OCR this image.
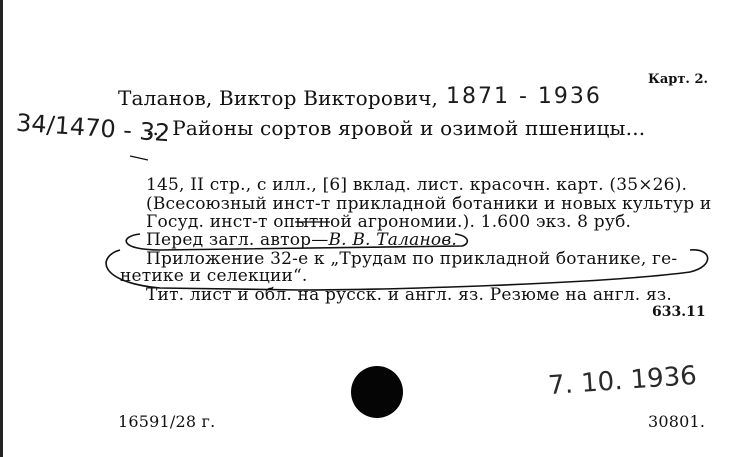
Карт. 2.
Таланов, Виктор Викторович, 1871 - 1936
34/1470 - 32
... Районы сортов яровой и озимой пшеницы...
145, II стр., с илл., [6] вклад. лист. красочн. карт. (35×26).
(Всесоюзный инст-т прикладной ботаники и новых культур и
Госуд. инст-т опытной агрономии.). 1.600 экз. 8 руб.
Перед загл. автор—В. В. Таланов.
Приложение 32-е к „Трудам по прикладной ботанике, ге-
нетике и селекции“.
Тит. лист и обл. на русск. и англ. яз. Резюме на англ. яз.
633.11
7. 10. 1936
16591/28 г.	30801.
